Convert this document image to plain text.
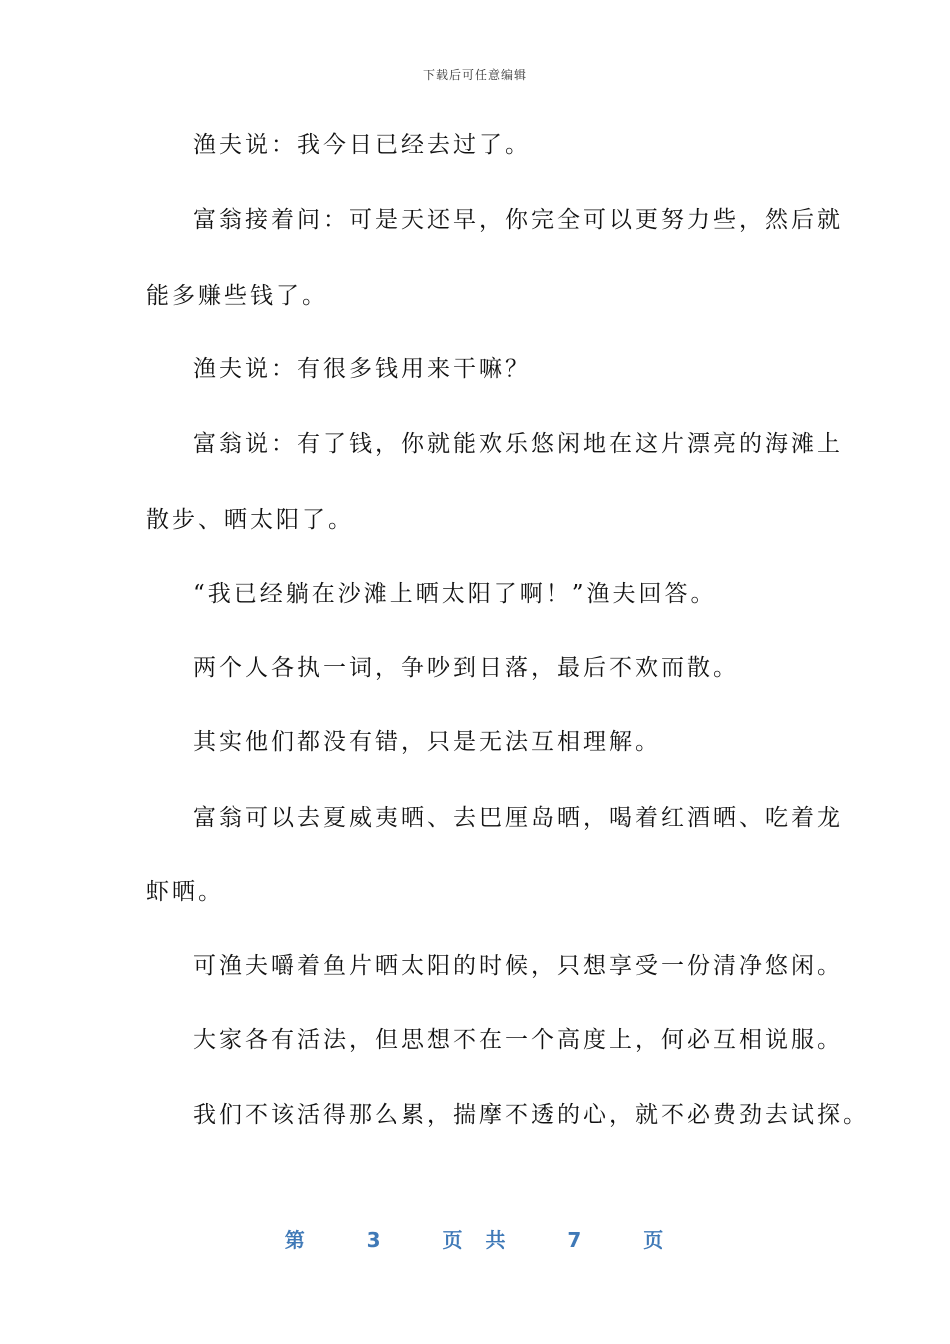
下载后可任意编辑
渔夫说：我今日已经去过了。
富翁接着问：可是天还早，你完全可以更努力些，然后就
能多赚些钱了。
渔夫说：有很多钱用来干嘛？
富翁说：有了钱，你就能欢乐悠闲地在这片漂亮的海滩上
散步、晒太阳了。
“我已经躺在沙滩上晒太阳了啊！”渔夫回答。
两个人各执一词，争吵到日落，最后不欢而散。
其实他们都没有错，只是无法互相理解。
富翁可以去夏威夷晒、去巴厘岛晒，喝着红酒晒、吃着龙
虾晒。
可渔夫嚼着鱼片晒太阳的时候，只想享受一份清净悠闲。
大家各有活法，但思想不在一个高度上，何必互相说服。
我们不该活得那么累，揣摩不透的心，就不必费劲去试探。
第	3	页 共	7	页
